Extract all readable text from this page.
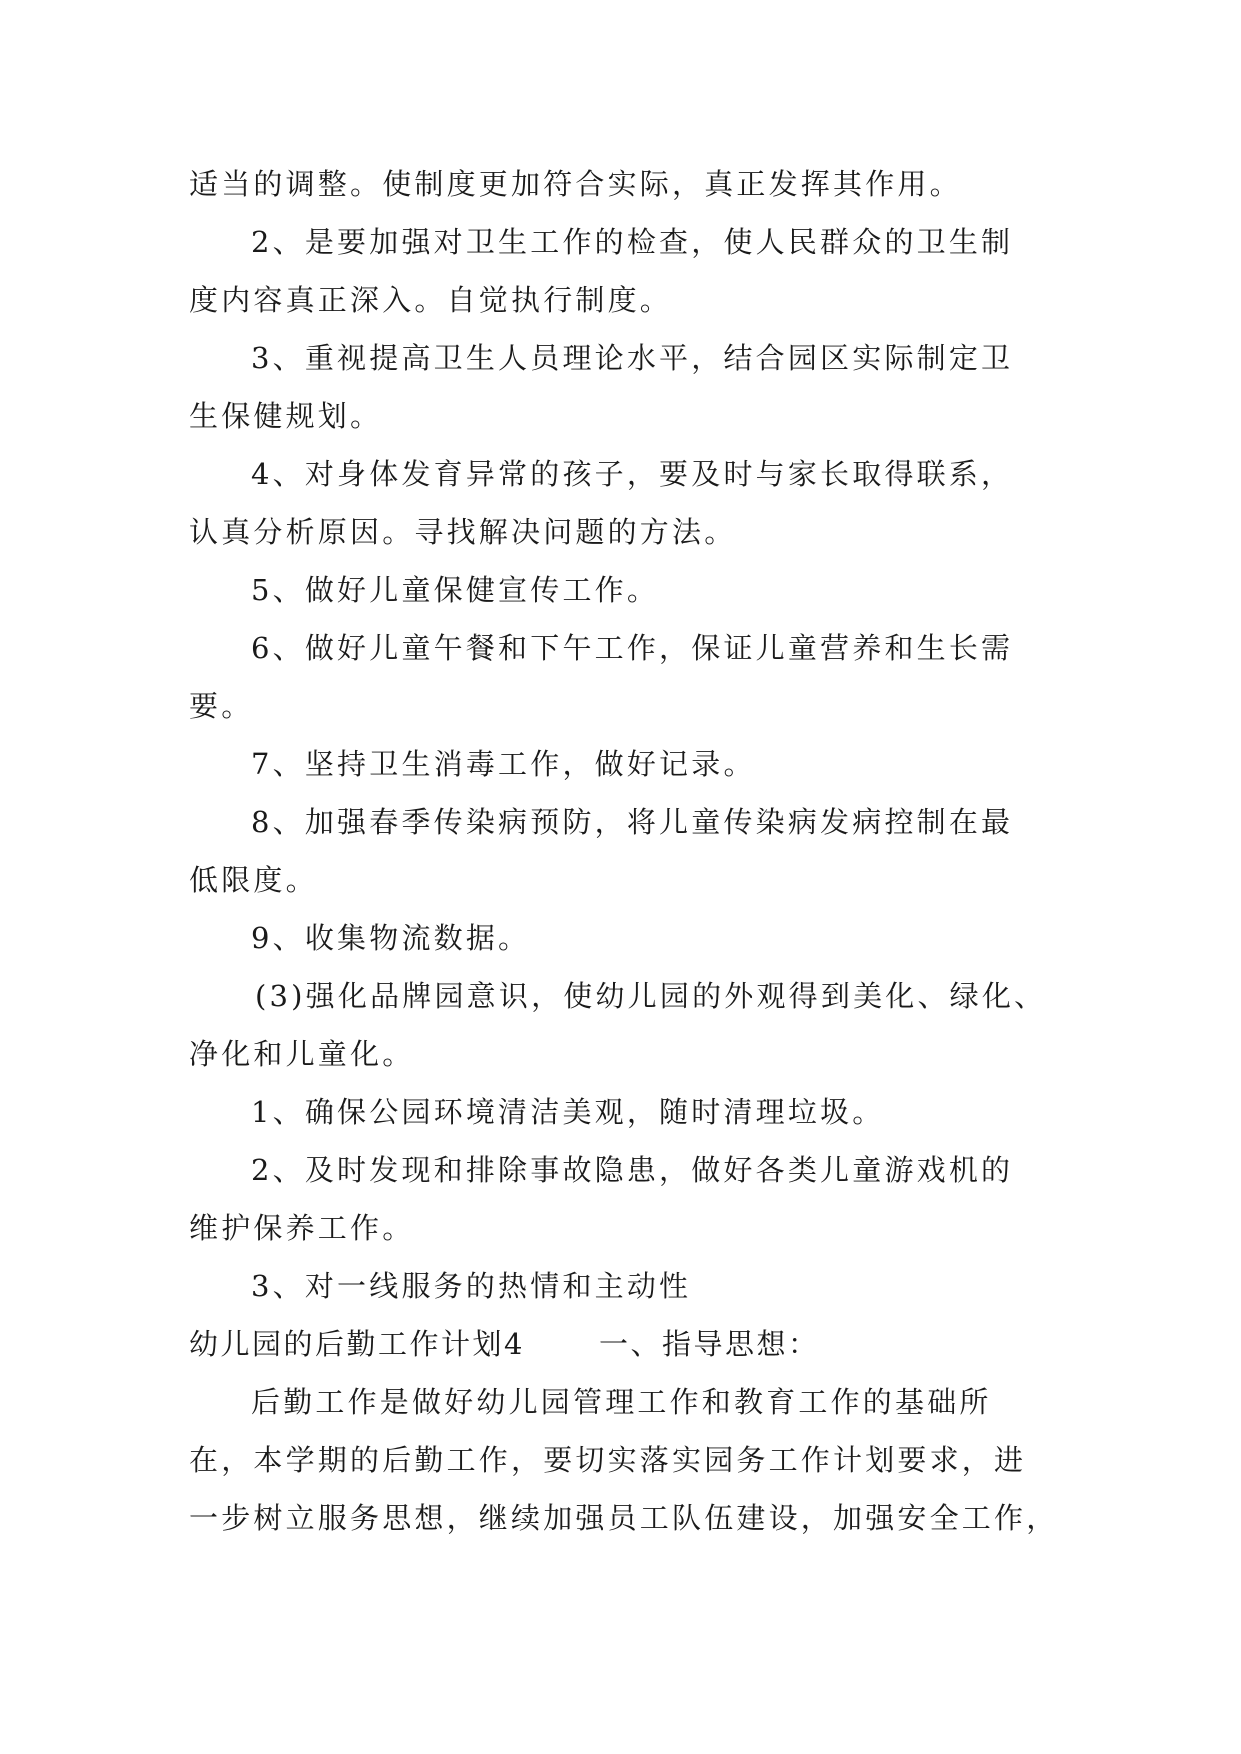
适当的调整。使制度更加符合实际，真正发挥其作用。
2、是要加强对卫生工作的检查，使人民群众的卫生制
度内容真正深入。自觉执行制度。
3、重视提高卫生人员理论水平，结合园区实际制定卫
生保健规划。
4、对身体发育异常的孩子，要及时与家长取得联系，
认真分析原因。寻找解决问题的方法。
5、做好儿童保健宣传工作。
6、做好儿童午餐和下午工作，保证儿童营养和生长需
要。
7、坚持卫生消毒工作，做好记录。
8、加强春季传染病预防，将儿童传染病发病控制在最
低限度。
9、收集物流数据。
(3)强化品牌园意识，使幼儿园的外观得到美化、绿化、
净化和儿童化。
1、确保公园环境清洁美观，随时清理垃圾。
2、及时发现和排除事故隐患，做好各类儿童游戏机的
维护保养工作。
3、对一线服务的热情和主动性
幼儿园的后勤工作计划4	一、指导思想：
后勤工作是做好幼儿园管理工作和教育工作的基础所
在，本学期的后勤工作，要切实落实园务工作计划要求，进
一步树立服务思想，继续加强员工队伍建设，加强安全工作，
